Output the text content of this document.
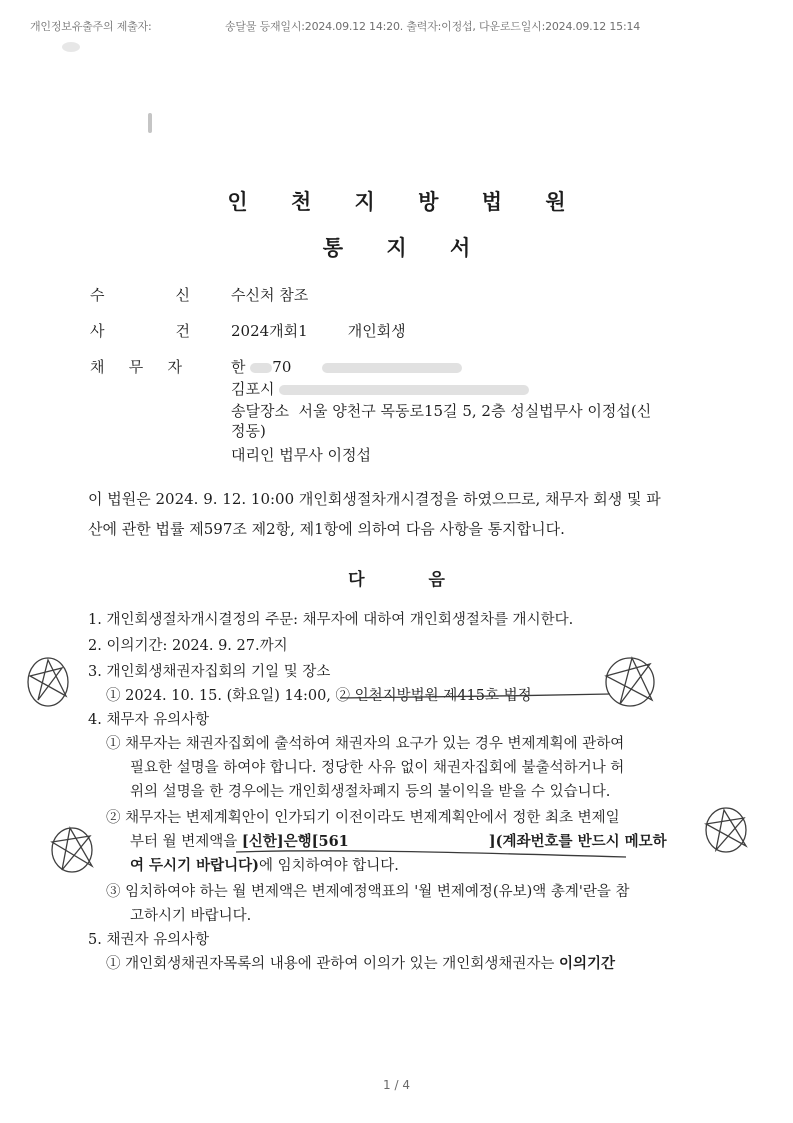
개인정보유출주의 제출자:	송달물 등재일시:2024.09.12 14:20. 출력자:이정섭, 다운로드일시:2024.09.12 15:14
인 천 지 방 법 원
통 지 서
수	신	수신처 참조
사	건	2024개회1	개인회생
채 무 자	한 70
김포시
송달장소 서울 양천구 목동로15길 5, 2층 성실법무사 이정섭(신
정동)
대리인 법무사 이정섭
이 법원은 2024. 9. 12. 10:00 개인회생절차개시결정을 하였으므로, 채무자 회생 및 파
산에 관한 법률 제597조 제2항, 제1항에 의하여 다음 사항을 통지합니다.
다	음
1. 개인회생절차개시결정의 주문: 채무자에 대하여 개인회생절차를 개시한다.
2. 이의기간: 2024. 9. 27.까지
3. 개인회생채권자집회의 기일 및 장소
① 2024. 10. 15. (화요일) 14:00, ② 인천지방법원 제415호 법정
4. 채무자 유의사항
① 채무자는 채권자집회에 출석하여 채권자의 요구가 있는 경우 변제계획에 관하여
필요한 설명을 하여야 합니다. 정당한 사유 없이 채권자집회에 불출석하거나 허
위의 설명을 한 경우에는 개인회생절차폐지 등의 불이익을 받을 수 있습니다.
② 채무자는 변제계획안이 인가되기 이전이라도 변제계획안에서 정한 최초 변제일
부터 월 변제액을 [신한]은행[561	](계좌번호를 반드시 메모하
여 두시기 바랍니다)에 임치하여야 합니다.
③ 임치하여야 하는 월 변제액은 변제예정액표의 '월 변제예정(유보)액 총계'란을 참
고하시기 바랍니다.
5. 채권자 유의사항
① 개인회생채권자목록의 내용에 관하여 이의가 있는 개인회생채권자는 이의기간
1 / 4
